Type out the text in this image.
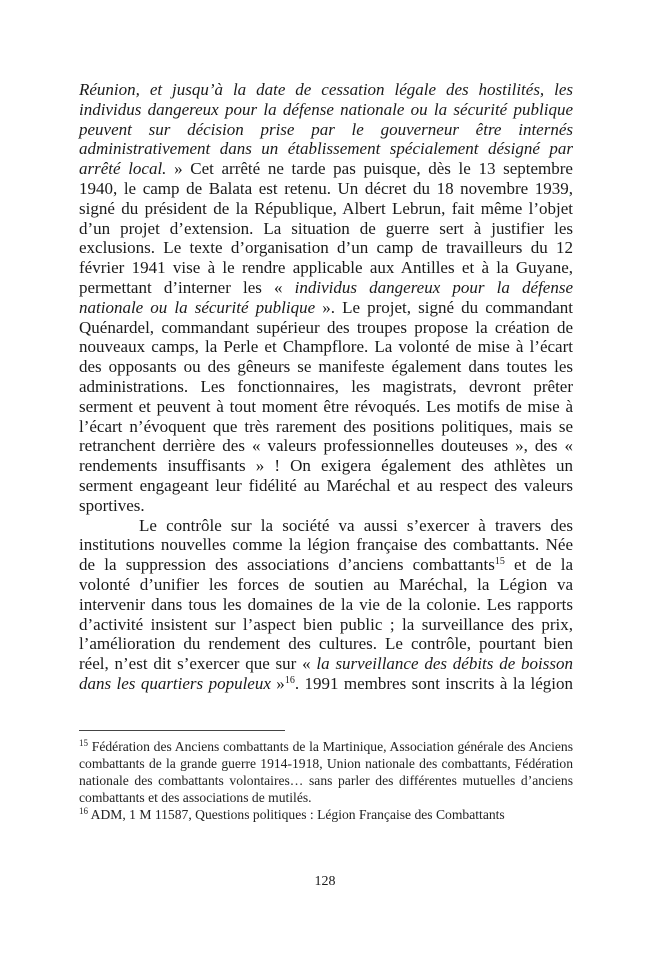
Réunion, et jusqu’à la date de cessation légale des hostilités, les individus dangereux pour la défense nationale ou la sécurité publique peuvent sur décision prise par le gouverneur être internés administrativement dans un établissement spécialement désigné par arrêté local. » Cet arrêté ne tarde pas puisque, dès le 13 septembre 1940, le camp de Balata est retenu. Un décret du 18 novembre 1939, signé du président de la République, Albert Lebrun, fait même l’objet d’un projet d’extension. La situation de guerre sert à justifier les exclusions. Le texte d’organisation d’un camp de travailleurs du 12 février 1941 vise à le rendre applicable aux Antilles et à la Guyane, permettant d’interner les « individus dangereux pour la défense nationale ou la sécurité publique ». Le projet, signé du commandant Quénardel, commandant supérieur des troupes propose la création de nouveaux camps, la Perle et Champflore. La volonté de mise à l’écart des opposants ou des gêneurs se manifeste également dans toutes les administrations. Les fonctionnaires, les magistrats, devront prêter serment et peuvent à tout moment être révoqués. Les motifs de mise à l’écart n’évoquent que très rarement des positions politiques, mais se retranchent derrière des « valeurs professionnelles douteuses », des « rendements insuffisants » ! On exigera également des athlètes un serment engageant leur fidélité au Maréchal et au respect des valeurs sportives.

Le contrôle sur la société va aussi s’exercer à travers des institutions nouvelles comme la légion française des combattants. Née de la suppression des associations d’anciens combattants$^{15}$ et de la volonté d’unifier les forces de soutien au Maréchal, la Légion va intervenir dans tous les domaines de la vie de la colonie. Les rapports d’activité insistent sur l’aspect bien public ; la surveillance des prix, l’amélioration du rendement des cultures. Le contrôle, pourtant bien réel, n’est dit s’exercer que sur « la surveillance des débits de boisson dans les quartiers populeux »$^{16}$. 1991 membres sont inscrits à la légion

$^{15}$ Fédération des Anciens combattants de la Martinique, Association générale des Anciens combattants de la grande guerre 1914-1918, Union nationale des combattants, Fédération nationale des combattants volontaires… sans parler des différentes mutuelles d’anciens combattants et des associations de mutilés.

$^{16}$ ADM, 1 M 11587, Questions politiques : Légion Française des Combattants

128
